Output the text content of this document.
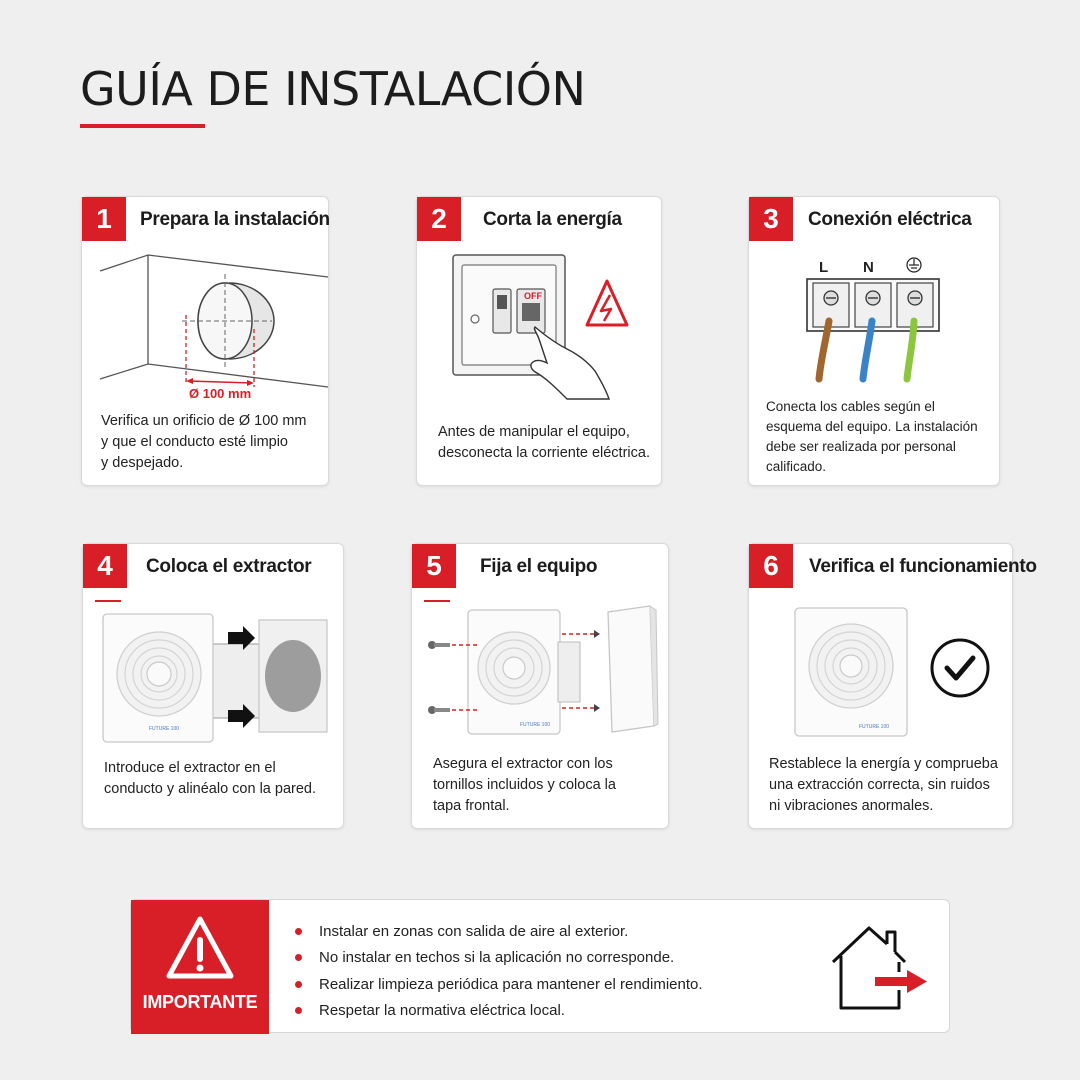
GUÍA DE INSTALACIÓN
1	Prepara la instalación
Ø 100 mm
Verifica un orificio de Ø 100 mm
y que el conducto esté limpio
y despejado.
2	Corta la energía
OFF
Antes de manipular el equipo,
desconecta la corriente eléctrica.
3	Conexión eléctrica
L N
Conecta los cables según el
esquema del equipo. La instalación
debe ser realizada por personal
calificado.
4	Coloca el extractor
FUTURE 100
Introduce el extractor en el
conducto y alinéalo con la pared.
5	Fija el equipo
FUTURE 100
Asegura el extractor con los
tornillos incluidos y coloca la
tapa frontal.
6	Verifica el funcionamiento
FUTURE 100
Restablece la energía y comprueba
una extracción correcta, sin ruidos
ni vibraciones anormales.
IMPORTANTE
Instalar en zonas con salida de aire al exterior.
No instalar en techos si la aplicación no corresponde.
Realizar limpieza periódica para mantener el rendimiento.
Respetar la normativa eléctrica local.
